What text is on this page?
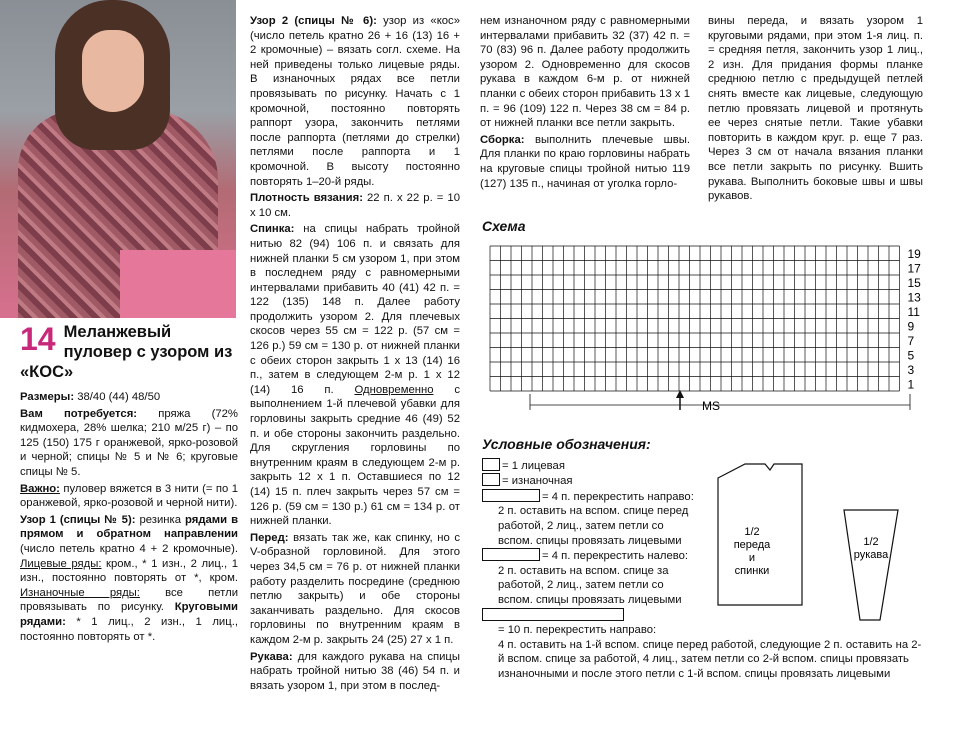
14 Меланжевый
пуловер с узором из
«КОС»

Размеры: 38/40 (44) 48/50

Вам потребуется: пряжа (72% кидмохера, 28% шелка; 210 м/25 г) – по 125 (150) 175 г оранжевой, ярко-розовой и черной; спицы № 5 и № 6; круговые спицы № 5.

Важно: пуловер вяжется в 3 нити (= по 1 оранжевой, ярко-розовой и черной нити).

Узор 1 (спицы № 5): резинка рядами в прямом и обратном направлении (число петель кратно 4 + 2 кромочные). Лицевые ряды: кром., * 1 изн., 2 лиц., 1 изн., постоянно повторять от *, кром. Изнаночные ряды: все петли провязывать по рисунку. Круговыми рядами: * 1 лиц., 2 изн., 1 лиц., постоянно повторять от *.

Узор 2 (спицы № 6): узор из «кос» (число петель кратно 26 + 16 (13) 16 + 2 кромочные) – вязать согл. схеме. На ней приведены только лицевые ряды. В изнаночных рядах все петли провязывать по рисунку. Начать с 1 кромочной, постоянно повторять раппорт узора, закончить петлями после раппорта (петлями до стрелки) петлями после раппорта и 1 кромочной. В высоту постоянно повторять 1–20-й ряды.

Плотность вязания: 22 п. х 22 р. = 10 х 10 см.

Спинка: на спицы набрать тройной нитью 82 (94) 106 п. и связать для нижней планки 5 см узором 1, при этом в последнем ряду с равномерными интервалами прибавить 40 (41) 42 п. = 122 (135) 148 п. Далее работу продолжить узором 2. Для плечевых скосов через 55 см = 122 р. (57 см = 126 р.) 59 см = 130 р. от нижней планки с обеих сторон закрыть 1 х 13 (14) 16 п., затем в следующем 2-м р. 1 х 12 (14) 16 п. Одновременно с выполнением 1-й плечевой убавки для горловины закрыть средние 46 (49) 52 п. и обе стороны закончить раздельно. Для скругления горловины по внутренним краям в следующем 2-м р. закрыть 12 х 1 п. Оставшиеся по 12 (14) 15 п. плеч закрыть через 57 см = 126 р. (59 см = 130 р.) 61 см = 134 р. от нижней планки.

Перед: вязать так же, как спинку, но с V-образной горловиной. Для этого через 34,5 см = 76 р. от нижней планки работу разделить посредине (среднюю петлю закрыть) и обе стороны заканчивать раздельно. Для скосов горловины по внутренним краям в каждом 2-м р. закрыть 24 (25) 27 х 1 п.

Рукава: для каждого рукава на спицы набрать тройной нитью 38 (46) 54 п. и вязать узором 1, при этом в послед-

нем изнаночном ряду с равномерными интервалами прибавить 32 (37) 42 п. = 70 (83) 96 п. Далее работу продолжить узором 2. Одновременно для скосов рукава в каждом 6-м р. от нижней планки с обеих сторон прибавить 13 х 1 п. = 96 (109) 122 п. Через 38 см = 84 р. от нижней планки все петли закрыть.

Сборка: выполнить плечевые швы. Для планки по краю горловины набрать на круговые спицы тройной нитью 119 (127) 135 п., начиная от уголка горло-

вины переда, и вязать узором 1 круговыми рядами, при этом 1-я лиц. п. = средняя петля, закончить узор 1 лиц., 2 изн. Для придания формы планке среднюю петлю с предыдущей петлей снять вместе как лицевые, следующую петлю провязать лицевой и протянуть ее через снятые петли. Такие убавки повторить в каждом круг. р. еще 7 раз. Через 3 см от начала вязания планки все петли закрыть по рисунку. Вшить рукава. Выполнить боковые швы и швы рукавов.

Схема
19
17
15
13
11
9
7
5
3
1
MS
Условные обозначения:
= 1 лицевая
= изнаночная
= 4 п. перекрестить направо:
2 п. оставить на вспом. спице перед работой, 2 лиц., затем петли со вспом. спицы провязать лицевыми
= 4 п. перекрестить налево:
2 п. оставить на вспом. спице за работой, 2 лиц., затем петли со вспом. спицы провязать лицевыми
= 10 п. перекрестить направо:
4 п. оставить на 1-й вспом. спице перед работой, следующие 2 п. оставить на 2-й вспом. спице за работой, 4 лиц., затем петли со 2-й вспом. спицы провязать изнаночными и после этого петли с 1-й вспом. спицы провязать лицевыми
1/2
переда
и
спинки
1/2
рукава
